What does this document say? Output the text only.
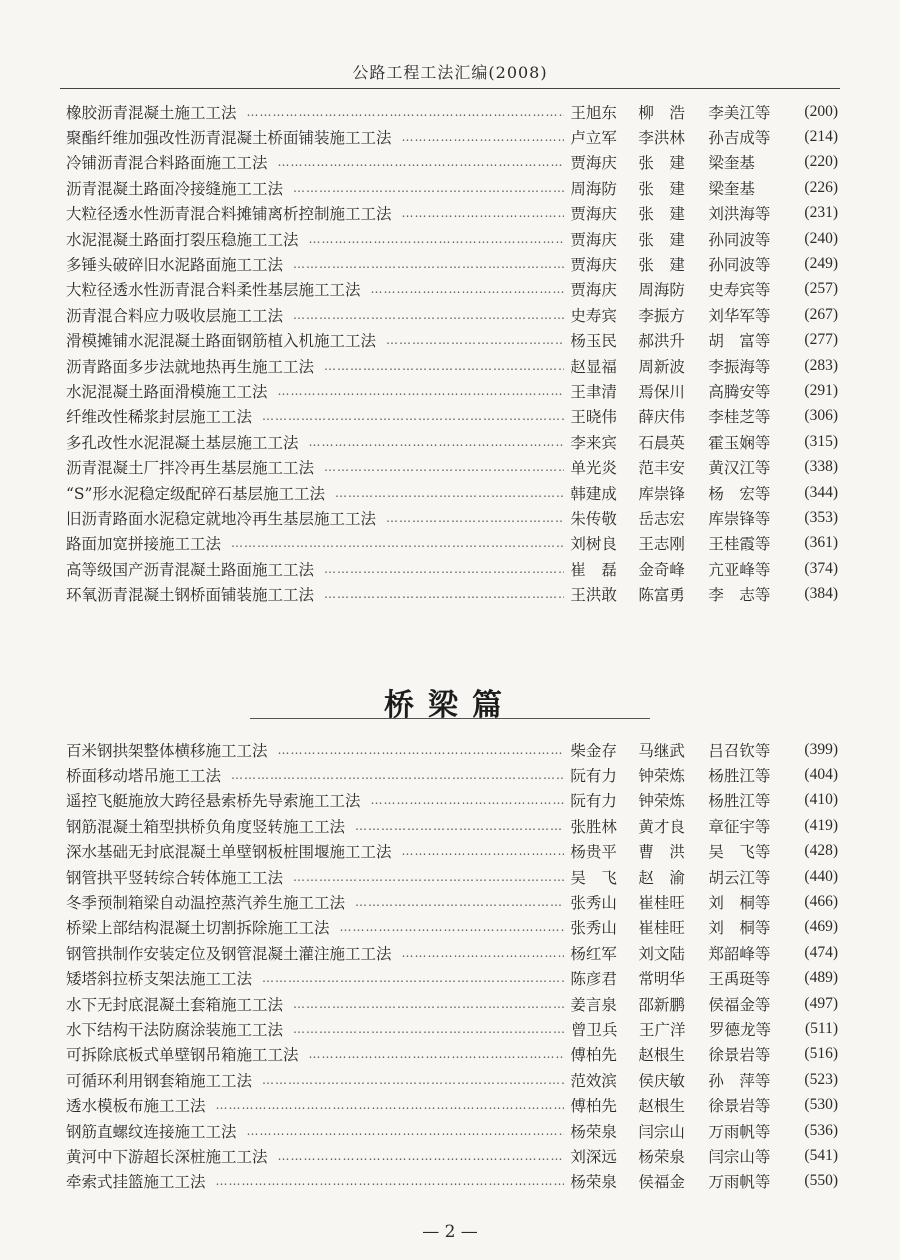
公路工程工法汇编(2008)
橡胶沥青混凝土施工工法 …………………………………………………………………………………………………………………………………………	王旭东	柳　浩	李美江等	(200)
聚酯纤维加强改性沥青混凝土桥面铺装施工工法 …………………………………………………………………………………………………………………………………………	卢立军	李洪林	孙吉成等	(214)
冷铺沥青混合料路面施工工法 …………………………………………………………………………………………………………………………………………	贾海庆	张　建	梁奎基	(220)
沥青混凝土路面冷接缝施工工法 …………………………………………………………………………………………………………………………………………	周海防	张　建	梁奎基	(226)
大粒径透水性沥青混合料摊铺离析控制施工工法 …………………………………………………………………………………………………………………………………………	贾海庆	张　建	刘洪海等	(231)
水泥混凝土路面打裂压稳施工工法 …………………………………………………………………………………………………………………………………………	贾海庆	张　建	孙同波等	(240)
多锤头破碎旧水泥路面施工工法 …………………………………………………………………………………………………………………………………………	贾海庆	张　建	孙同波等	(249)
大粒径透水性沥青混合料柔性基层施工工法 …………………………………………………………………………………………………………………………………………	贾海庆	周海防	史寿宾等	(257)
沥青混合料应力吸收层施工工法 …………………………………………………………………………………………………………………………………………	史寿宾	李振方	刘华军等	(267)
滑模摊铺水泥混凝土路面钢筋植入机施工工法 …………………………………………………………………………………………………………………………………………	杨玉民	郝洪升	胡　富等	(277)
沥青路面多步法就地热再生施工工法 …………………………………………………………………………………………………………………………………………	赵显福	周新波	李振海等	(283)
水泥混凝土路面滑模施工工法 …………………………………………………………………………………………………………………………………………	王聿清	焉保川	高腾安等	(291)
纤维改性稀浆封层施工工法 …………………………………………………………………………………………………………………………………………	王晓伟	薛庆伟	李桂芝等	(306)
多孔改性水泥混凝土基层施工工法 …………………………………………………………………………………………………………………………………………	李来宾	石晨英	霍玉娴等	(315)
沥青混凝土厂拌冷再生基层施工工法 …………………………………………………………………………………………………………………………………………	单光炎	范丰安	黄汉江等	(338)
“S”形水泥稳定级配碎石基层施工工法 …………………………………………………………………………………………………………………………………………	韩建成	库崇锋	杨　宏等	(344)
旧沥青路面水泥稳定就地冷再生基层施工工法 …………………………………………………………………………………………………………………………………………	朱传敬	岳志宏	库崇锋等	(353)
路面加宽拼接施工工法 …………………………………………………………………………………………………………………………………………	刘树良	王志刚	王桂霞等	(361)
高等级国产沥青混凝土路面施工工法 …………………………………………………………………………………………………………………………………………	崔　磊	金奇峰	亢亚峰等	(374)
环氧沥青混凝土钢桥面铺装施工工法 …………………………………………………………………………………………………………………………………………	王洪敢	陈富勇	李　志等	(384)
桥梁篇
百米钢拱架整体横移施工工法 …………………………………………………………………………………………………………………………………………	柴金存	马继武	吕召钦等	(399)
桥面移动塔吊施工工法 …………………………………………………………………………………………………………………………………………	阮有力	钟荣炼	杨胜江等	(404)
遥控飞艇施放大跨径悬索桥先导索施工工法 …………………………………………………………………………………………………………………………………………	阮有力	钟荣炼	杨胜江等	(410)
钢筋混凝土箱型拱桥负角度竖转施工工法 …………………………………………………………………………………………………………………………………………	张胜林	黄才良	章征宇等	(419)
深水基础无封底混凝土单壁钢板桩围堰施工工法 …………………………………………………………………………………………………………………………………………	杨贵平	曹　洪	吴　飞等	(428)
钢管拱平竖转综合转体施工工法 …………………………………………………………………………………………………………………………………………	吴　飞	赵　渝	胡云江等	(440)
冬季预制箱梁自动温控蒸汽养生施工工法 …………………………………………………………………………………………………………………………………………	张秀山	崔桂旺	刘　桐等	(466)
桥梁上部结构混凝土切割拆除施工工法 …………………………………………………………………………………………………………………………………………	张秀山	崔桂旺	刘　桐等	(469)
钢管拱制作安装定位及钢管混凝土灌注施工工法 …………………………………………………………………………………………………………………………………………	杨红军	刘文陆	郑韶峰等	(474)
矮塔斜拉桥支架法施工工法 …………………………………………………………………………………………………………………………………………	陈彦君	常明华	王禹珽等	(489)
水下无封底混凝土套箱施工工法 …………………………………………………………………………………………………………………………………………	姜言泉	邵新鹏	侯福金等	(497)
水下结构干法防腐涂装施工工法 …………………………………………………………………………………………………………………………………………	曾卫兵	王广洋	罗德龙等	(511)
可拆除底板式单壁钢吊箱施工工法 …………………………………………………………………………………………………………………………………………	傅柏先	赵根生	徐景岩等	(516)
可循环利用钢套箱施工工法 …………………………………………………………………………………………………………………………………………	范效滨	侯庆敏	孙　萍等	(523)
透水模板布施工工法 …………………………………………………………………………………………………………………………………………	傅柏先	赵根生	徐景岩等	(530)
钢筋直螺纹连接施工工法 …………………………………………………………………………………………………………………………………………	杨荣泉	闫宗山	万雨帆等	(536)
黄河中下游超长深桩施工工法 …………………………………………………………………………………………………………………………………………	刘深远	杨荣泉	闫宗山等	(541)
牵索式挂篮施工工法 …………………………………………………………………………………………………………………………………………	杨荣泉	侯福金	万雨帆等	(550)
— 2 —
